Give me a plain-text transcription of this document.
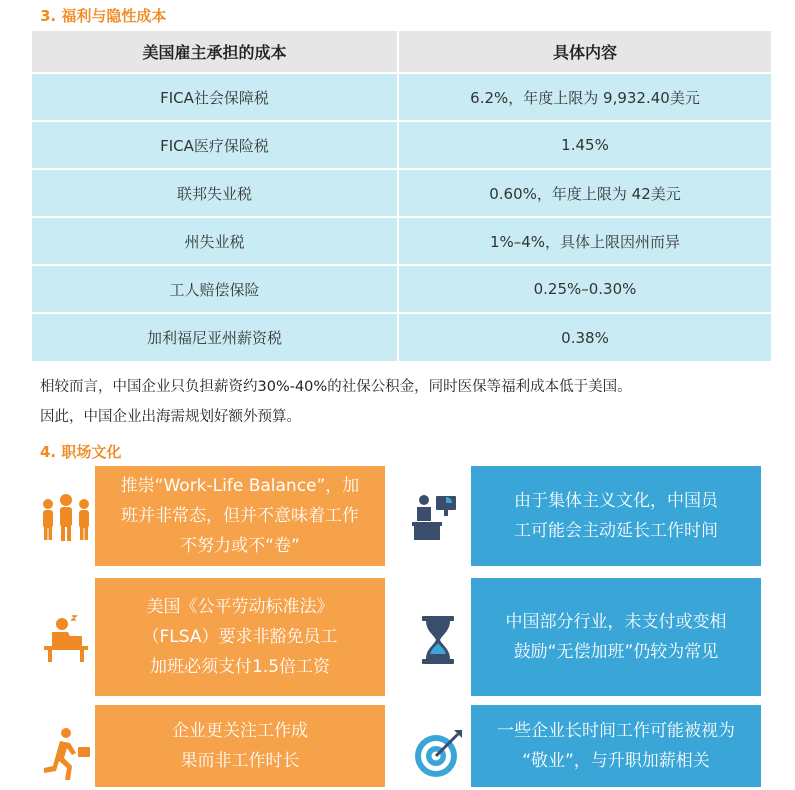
3. 福利与隐性成本
美国雇主承担的成本	具体内容
FICA社会保障税	6.2%，年度上限为 9,932.40美元
FICA医疗保险税	1.45%
联邦失业税	0.60%，年度上限为 42美元
州失业税	1%–4%，具体上限因州而异
工人赔偿保险	0.25%–0.30%
加利福尼亚州薪资税	0.38%
相较而言，中国企业只负担薪资约30%-40%的社保公积金，同时医保等福利成本低于美国。
因此，中国企业出海需规划好额外预算。
4. 职场文化
推崇“Work-Life Balance”，加
班并非常态，但并不意味着工作
不努力或不“卷”
由于集体主义文化，中国员
工可能会主动延长工作时间
美国《公平劳动标准法》
（FLSA）要求非豁免员工
加班必须支付1.5倍工资
中国部分行业，未支付或变相
鼓励“无偿加班”仍较为常见
企业更关注工作成
果而非工作时长
一些企业长时间工作可能被视为
“敬业”，与升职加薪相关
